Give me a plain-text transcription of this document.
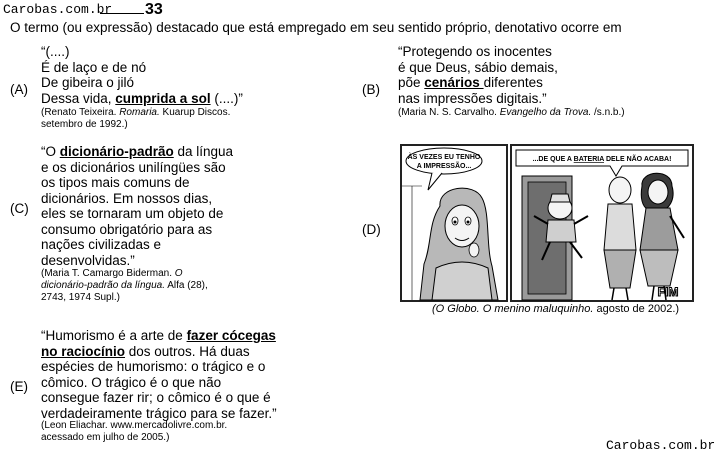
Carobas.com.br 33
O termo (ou expressão) destacado que está empregado em seu sentido próprio, denotativo ocorre em
(A)
“(....)
É de laço e de nó
De gibeira o jiló
Dessa vida, cumprida a sol (....)”
(Renato Teixeira. Romaria. Kuarup Discos.
setembro de 1992.)
(B)
“Protegendo os inocentes
é que Deus, sábio demais,
põe cenários diferentes
nas impressões digitais.”
(Maria N. S. Carvalho. Evangelho da Trova. /s.n.b.)
(C)
“O dicionário-padrão da língua
e os dicionários unilíngües são
os tipos mais comuns de
dicionários. Em nossos dias,
eles se tornaram um objeto de
consumo obrigatório para as
nações civilizadas e
desenvolvidas.”
(Maria T. Camargo Biderman. O
dicionário-padrão da língua. Alfa (28),
2743, 1974 Supl.)
(D)
ÀS VEZES EU TENHO
A IMPRESSÃO...
...DE QUE A BATERIA DELE NÃO ACABA!
FIM
(O Globo. O menino maluquinho. agosto de 2002.)
(E)
“Humorismo é a arte de fazer cócegas
no raciocínio dos outros. Há duas
espécies de humorismo: o trágico e o
cômico. O trágico é o que não
consegue fazer rir; o cômico é o que é
verdadeiramente trágico para se fazer.”
(Leon Eliachar. www.mercadolivre.com.br.
acessado em julho de 2005.)
Carobas.com.br
